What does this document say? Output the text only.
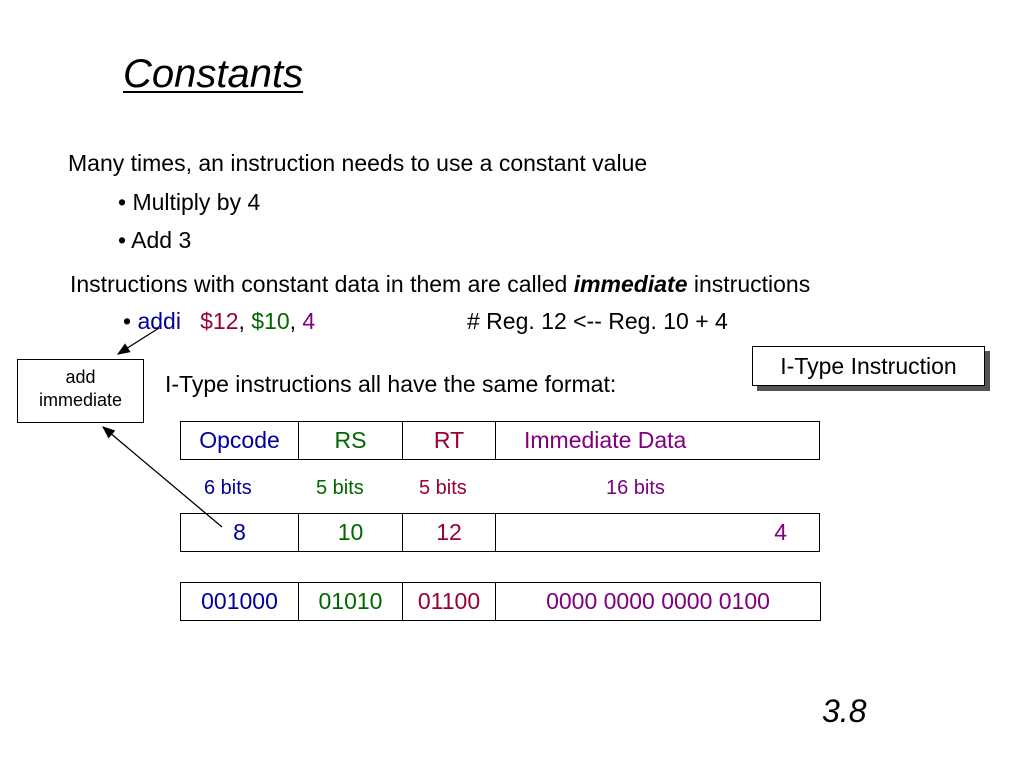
Constants
Many times, an instruction needs to use a constant value
• Multiply by 4
• Add 3
Instructions with constant data in them are called immediate instructions
• addi $12, $10, 4	# Reg. 12 <-- Reg. 10 + 4
add
immediate
I-Type Instruction
I-Type instructions all have the same format:
Opcode	RS	RT	Immediate Data
6 bits	5 bits	5 bits	16 bits
8	10	12	4
001000	01010	01100	0000 0000 0000 0100
3.8
